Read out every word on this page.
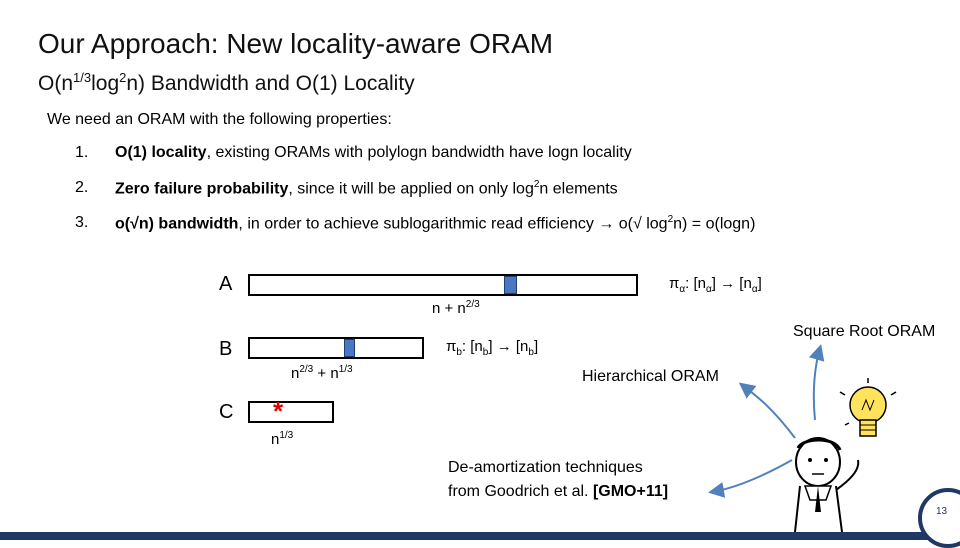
Our Approach: New locality-aware ORAM
$O(n^{1/3}\log^2n)$ Bandwidth and O(1) Locality
We need an ORAM with the following properties:
1. O(1) locality, existing ORAMs with polylogn bandwidth have logn locality
2. Zero failure probability, since it will be applied on only $\log^2n$ elements
3. o(√n) bandwidth, in order to achieve sublogarithmic read efficiency → o(√ $\log^2n) = o(\log n)$
A
$n + n^{2/3}$
$\pi_\alpha$: $[n_\alpha] \to [n_\alpha]$
B
$n^{2/3} + n^{1/3}$
$\pi_b$: $[n_b] \to [n_b]$
C *
$n^{1/3}$
Square Root ORAM
Hierarchical ORAM
De-amortization techniques
from Goodrich et al. [GMO+11]
13
